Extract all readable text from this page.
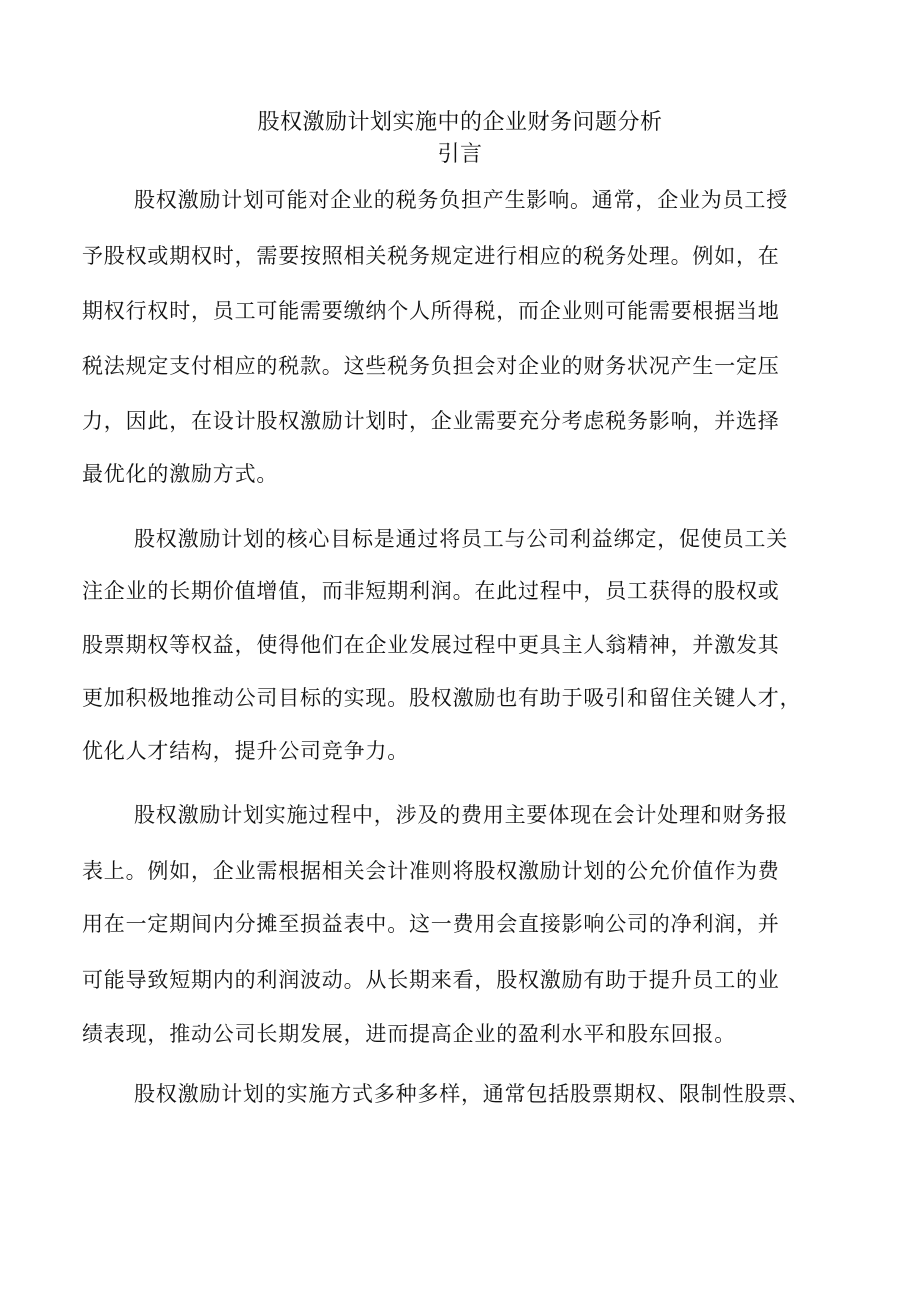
股权激励计划实施中的企业财务问题分析
引言
股权激励计划可能对企业的税务负担产生影响。通常，企业为员工授
予股权或期权时，需要按照相关税务规定进行相应的税务处理。例如，在
期权行权时，员工可能需要缴纳个人所得税，而企业则可能需要根据当地
税法规定支付相应的税款。这些税务负担会对企业的财务状况产生一定压
力，因此，在设计股权激励计划时，企业需要充分考虑税务影响，并选择
最优化的激励方式。
股权激励计划的核心目标是通过将员工与公司利益绑定，促使员工关
注企业的长期价值增值，而非短期利润。在此过程中，员工获得的股权或
股票期权等权益，使得他们在企业发展过程中更具主人翁精神，并激发其
更加积极地推动公司目标的实现。股权激励也有助于吸引和留住关键人才，
优化人才结构，提升公司竞争力。
股权激励计划实施过程中，涉及的费用主要体现在会计处理和财务报
表上。例如，企业需根据相关会计准则将股权激励计划的公允价值作为费
用在一定期间内分摊至损益表中。这一费用会直接影响公司的净利润，并
可能导致短期内的利润波动。从长期来看，股权激励有助于提升员工的业
绩表现，推动公司长期发展，进而提高企业的盈利水平和股东回报。
股权激励计划的实施方式多种多样，通常包括股票期权、限制性股票、
